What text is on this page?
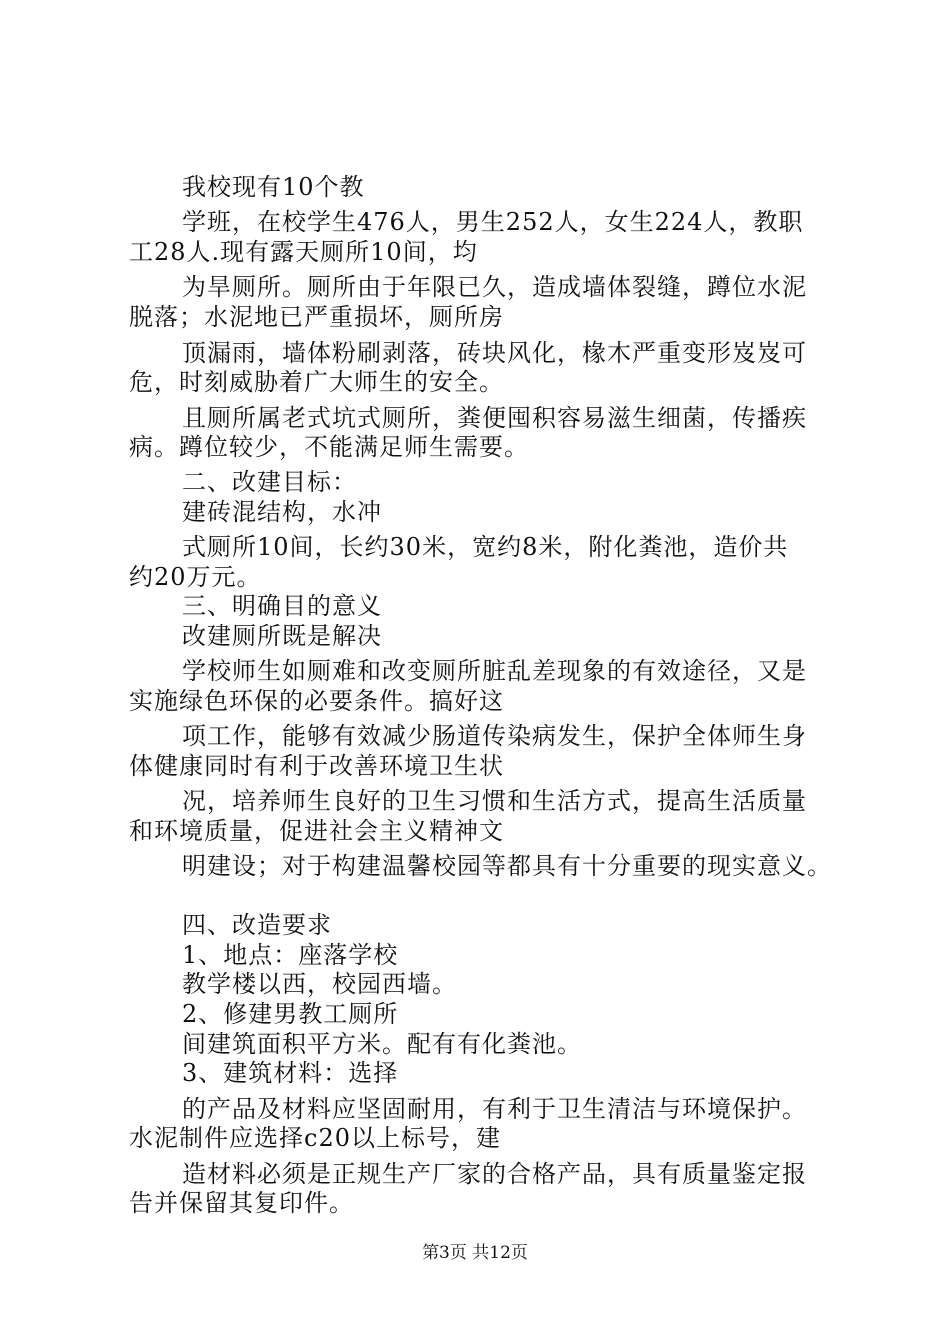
我校现有10个教
学班，在校学生476人，男生252人，女生224人，教职
工28人.现有露天厕所10间，均
为旱厕所。厕所由于年限已久，造成墙体裂缝，蹲位水泥
脱落；水泥地已严重损坏，厕所房
顶漏雨，墙体粉刷剥落，砖块风化，椽木严重变形岌岌可
危，时刻威胁着广大师生的安全。
且厕所属老式坑式厕所，粪便囤积容易滋生细菌，传播疾
病。蹲位较少，不能满足师生需要。
二、改建目标：
建砖混结构，水冲
式厕所10间，长约30米，宽约8米，附化粪池，造价共
约20万元。
三、明确目的意义
改建厕所既是解决
学校师生如厕难和改变厕所脏乱差现象的有效途径，又是
实施绿色环保的必要条件。搞好这
项工作，能够有效减少肠道传染病发生，保护全体师生身
体健康同时有利于改善环境卫生状
况，培养师生良好的卫生习惯和生活方式，提高生活质量
和环境质量，促进社会主义精神文
明建设；对于构建温馨校园等都具有十分重要的现实意义。
四、改造要求
1、地点：座落学校
教学楼以西，校园西墙。
2、修建男教工厕所
间建筑面积平方米。配有有化粪池。
3、建筑材料：选择
的产品及材料应坚固耐用，有利于卫生清洁与环境保护。
水泥制件应选择c20以上标号，建
造材料必须是正规生产厂家的合格产品，具有质量鉴定报
告并保留其复印件。
第3页 共12页
